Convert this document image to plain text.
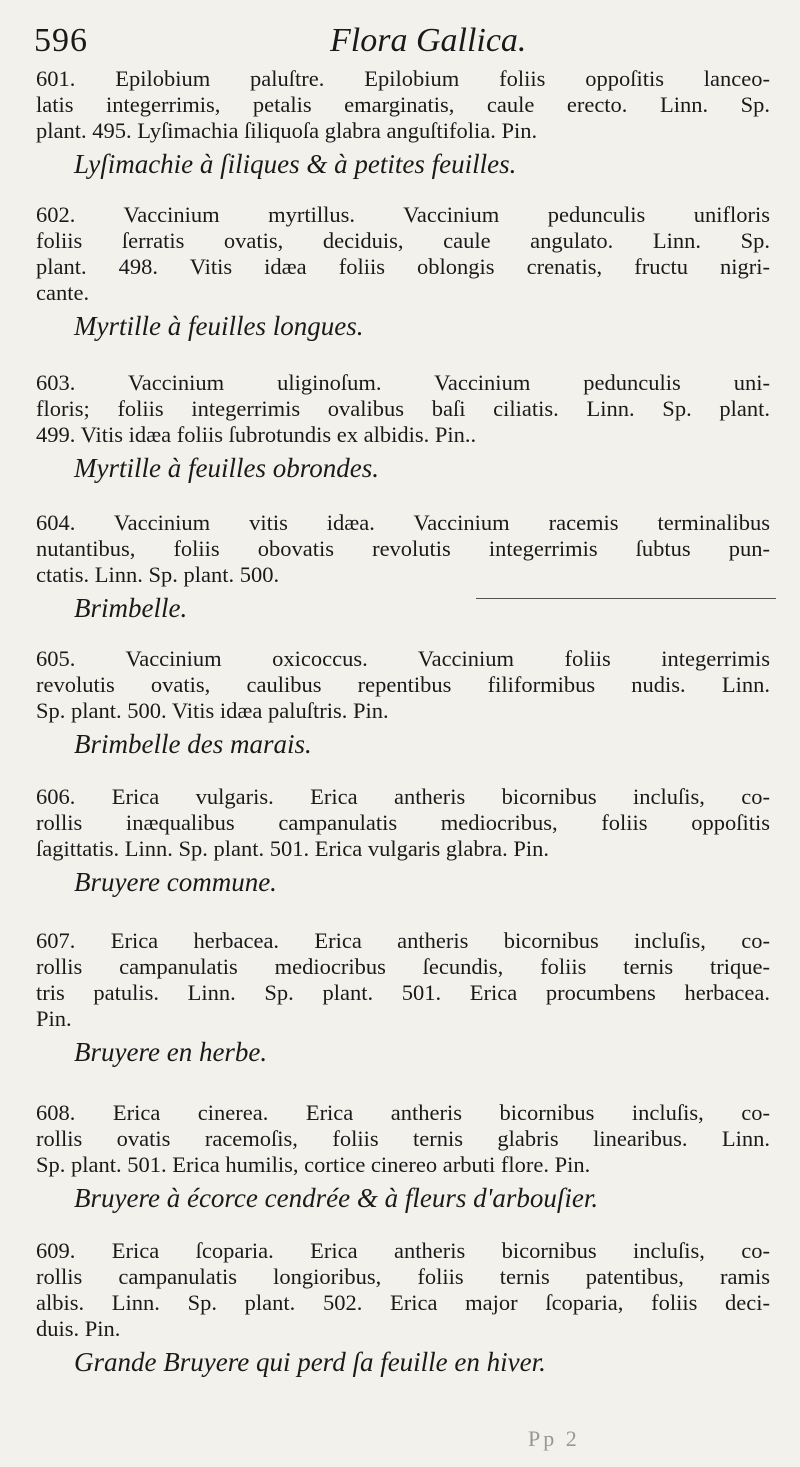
596	Flora Gallica.
601. Epilobium paluſtre. Epilobium foliis oppoſitis lanceo-
latis integerrimis, petalis emarginatis, caule erecto. Linn. Sp.
plant. 495. Lyſimachia ſiliquoſa glabra anguſtifolia. Pin.
Lyſimachie à ſiliques & à petites feuilles.
602. Vaccinium myrtillus. Vaccinium pedunculis unifloris
foliis ſerratis ovatis, deciduis, caule angulato. Linn. Sp.
plant. 498. Vitis idæa foliis oblongis crenatis, fructu nigri-
cante.
Myrtille à feuilles longues.
603. Vaccinium uliginoſum. Vaccinium pedunculis uni-
floris; foliis integerrimis ovalibus baſi ciliatis. Linn. Sp. plant.
499. Vitis idæa foliis ſubrotundis ex albidis. Pin..
Myrtille à feuilles obrondes.
604. Vaccinium vitis idæa. Vaccinium racemis terminalibus
nutantibus, foliis obovatis revolutis integerrimis ſubtus pun-
ctatis. Linn. Sp. plant. 500.
Brimbelle.
605. Vaccinium oxicoccus. Vaccinium foliis integerrimis
revolutis ovatis, caulibus repentibus filiformibus nudis. Linn.
Sp. plant. 500. Vitis idæa paluſtris. Pin.
Brimbelle des marais.
606. Erica vulgaris. Erica antheris bicornibus incluſis, co-
rollis inæqualibus campanulatis mediocribus, foliis oppoſitis
ſagittatis. Linn. Sp. plant. 501. Erica vulgaris glabra. Pin.
Bruyere commune.
607. Erica herbacea. Erica antheris bicornibus incluſis, co-
rollis campanulatis mediocribus ſecundis, foliis ternis trique-
tris patulis. Linn. Sp. plant. 501. Erica procumbens herbacea.
Pin.
Bruyere en herbe.
608. Erica cinerea. Erica antheris bicornibus incluſis, co-
rollis ovatis racemoſis, foliis ternis glabris linearibus. Linn.
Sp. plant. 501. Erica humilis, cortice cinereo arbuti flore. Pin.
Bruyere à écorce cendrée & à fleurs d'arbouſier.
609. Erica ſcoparia. Erica antheris bicornibus incluſis, co-
rollis campanulatis longioribus, foliis ternis patentibus, ramis
albis. Linn. Sp. plant. 502. Erica major ſcoparia, foliis deci-
duis. Pin.
Grande Bruyere qui perd ſa feuille en hiver.
Pp 2
